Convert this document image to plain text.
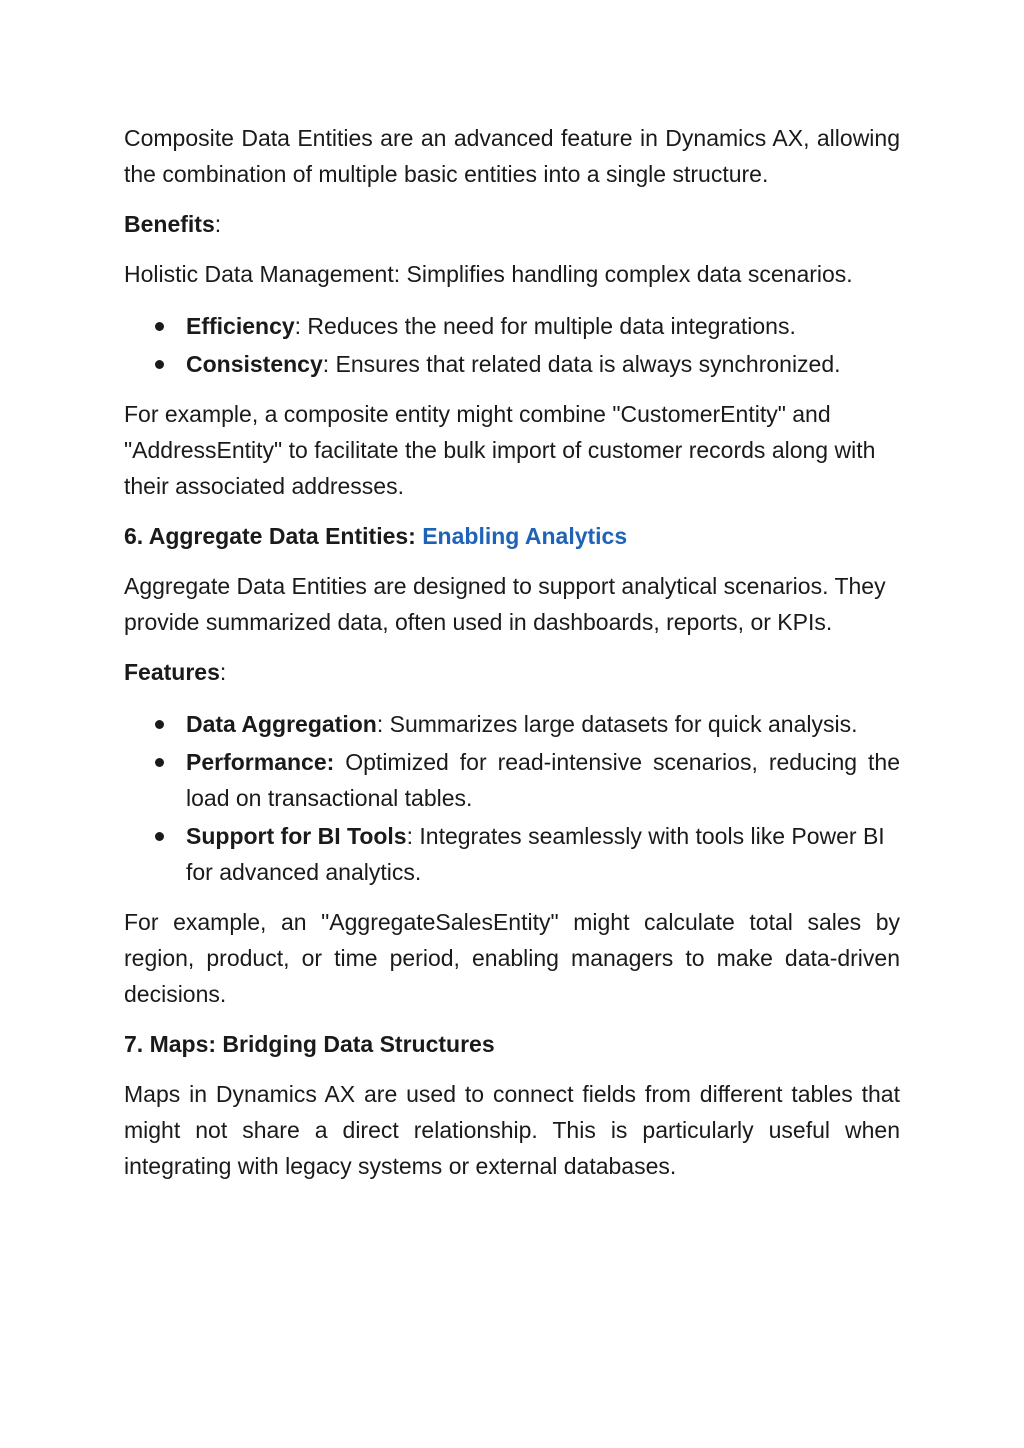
Composite Data Entities are an advanced feature in Dynamics AX, allowing the combination of multiple basic entities into a single structure.

Benefits:

Holistic Data Management: Simplifies handling complex data scenarios.

Efficiency: Reduces the need for multiple data integrations.
Consistency: Ensures that related data is always synchronized.

For example, a composite entity might combine "CustomerEntity" and "AddressEntity" to facilitate the bulk import of customer records along with their associated addresses.

6. Aggregate Data Entities: Enabling Analytics

Aggregate Data Entities are designed to support analytical scenarios. They provide summarized data, often used in dashboards, reports, or KPIs.

Features:

Data Aggregation: Summarizes large datasets for quick analysis.
Performance: Optimized for read-intensive scenarios, reducing the load on transactional tables.
Support for BI Tools: Integrates seamlessly with tools like Power BI for advanced analytics.

For example, an "AggregateSalesEntity" might calculate total sales by region, product, or time period, enabling managers to make data-driven decisions.

7. Maps: Bridging Data Structures

Maps in Dynamics AX are used to connect fields from different tables that might not share a direct relationship. This is particularly useful when integrating with legacy systems or external databases.
